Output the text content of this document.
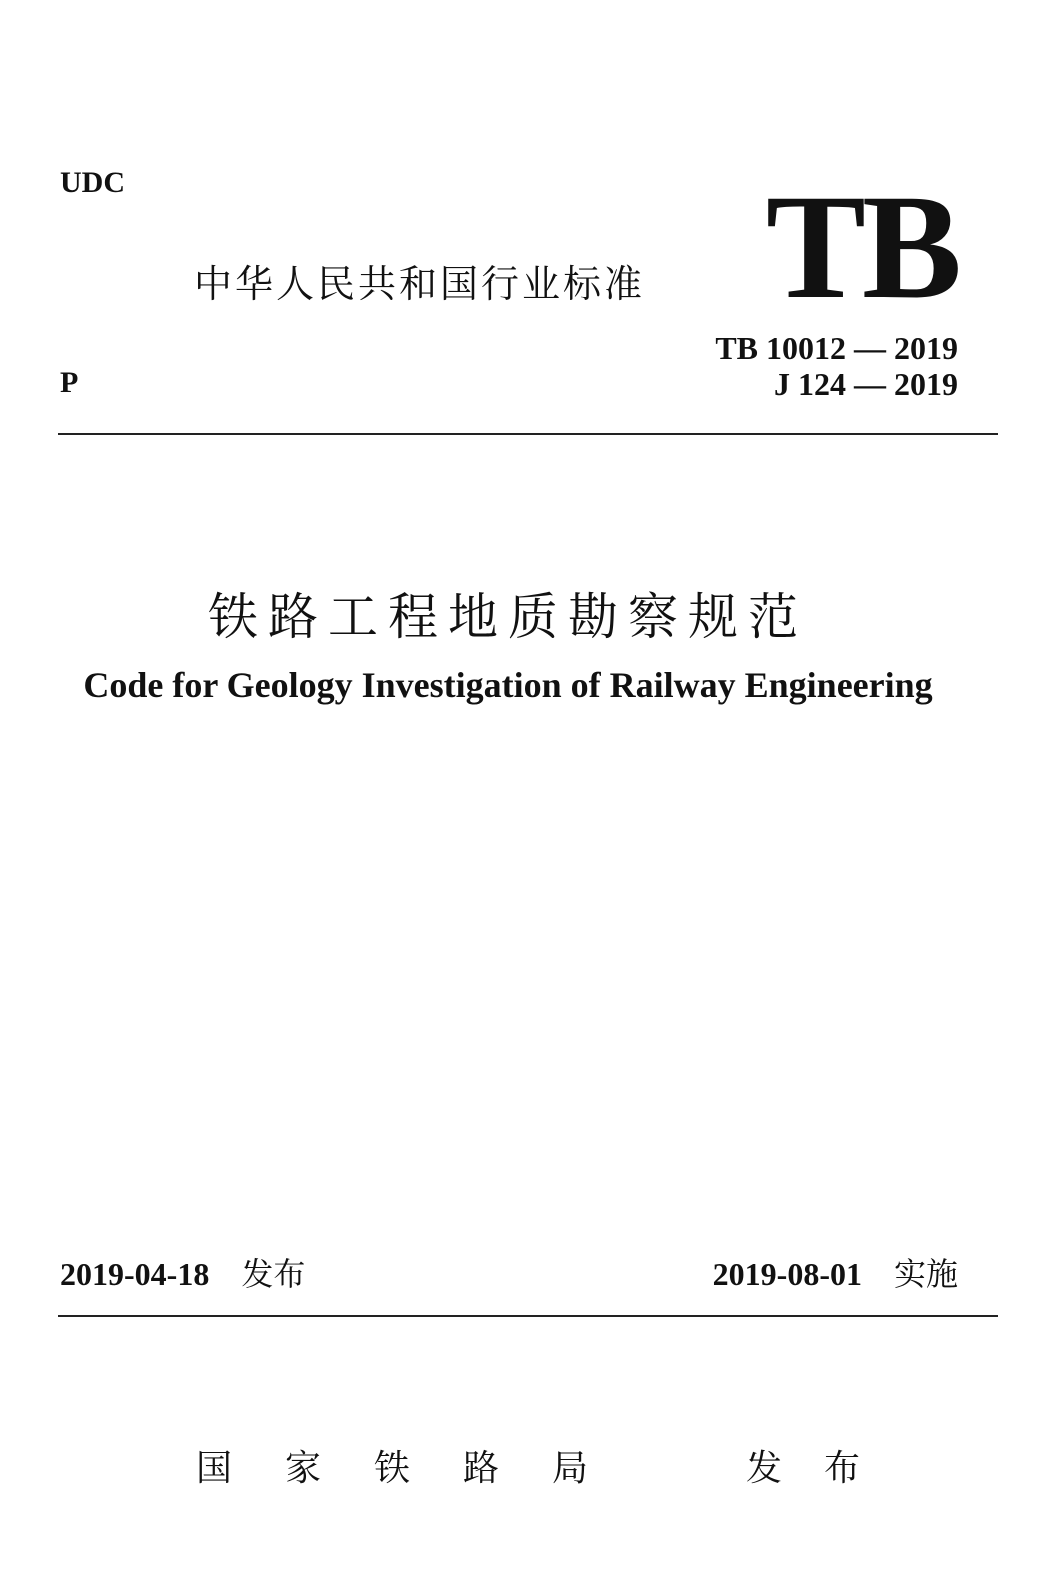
UDC
中华人民共和国行业标准 TB
TB 10012 — 2019
J 124 — 2019
P
铁路工程地质勘察规范
Code for Geology Investigation of Railway Engineering
2019-04-18 发布	2019-08-01 实施
国家铁路局	发布
